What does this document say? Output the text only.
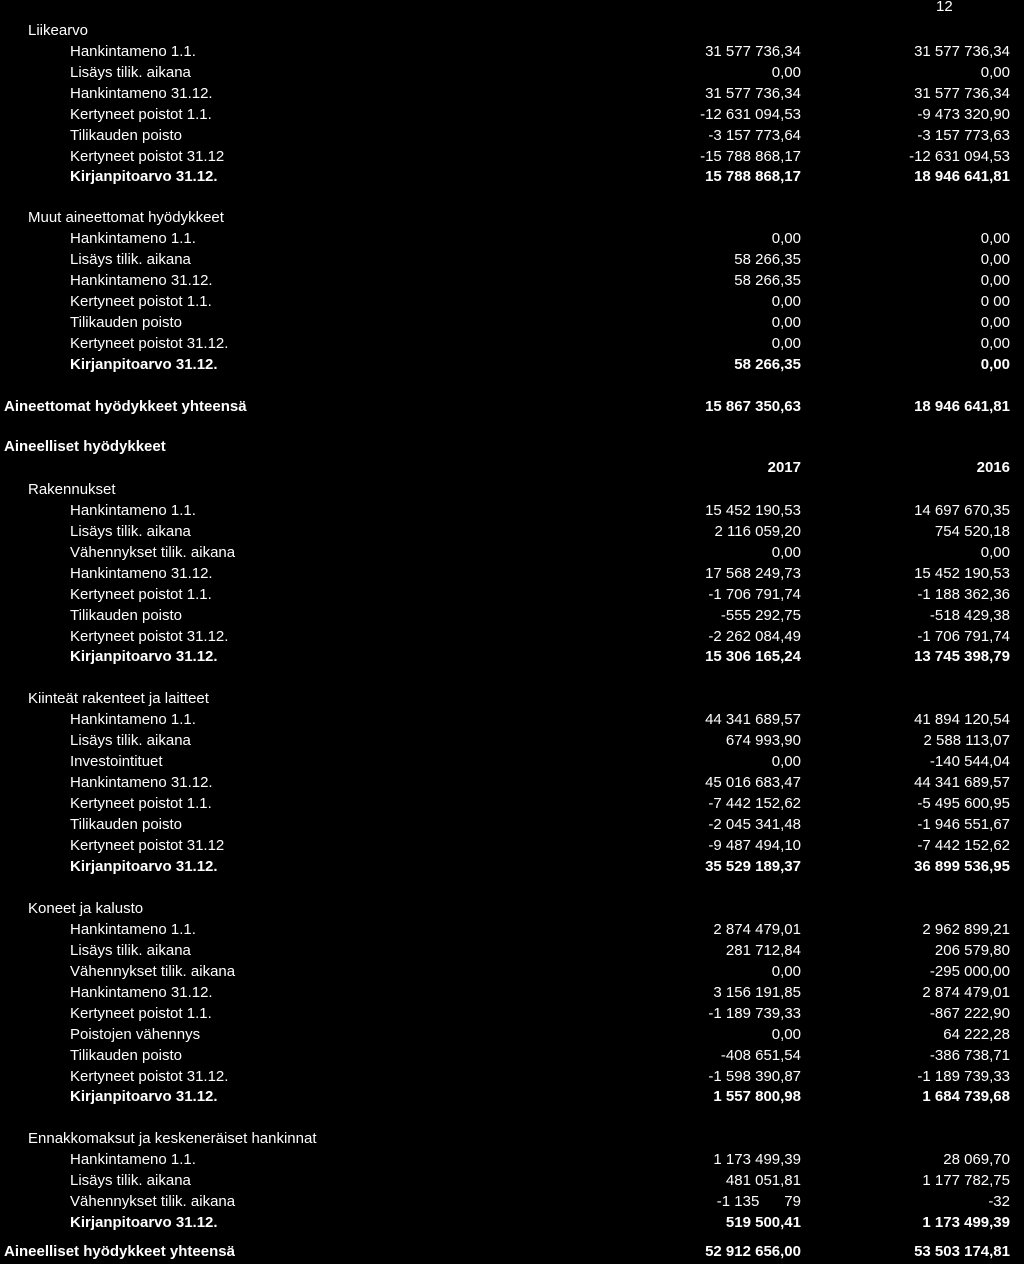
12
Liikearvo
Hankintameno 1.1.	31 577 736,34	31 577 736,34
Lisäys tilik. aikana	0,00	0,00
Hankintameno 31.12.	31 577 736,34	31 577 736,34
Kertyneet poistot 1.1.	-12 631 094,53	-9 473 320,90
Tilikauden poisto	-3 157 773,64	-3 157 773,63
Kertyneet poistot 31.12	-15 788 868,17	-12 631 094,53
Kirjanpitoarvo 31.12.	15 788 868,17	18 946 641,81
Muut aineettomat hyödykkeet
Hankintameno 1.1.	0,00	0,00
Lisäys tilik. aikana	58 266,35	0,00
Hankintameno 31.12.	58 266,35	0,00
Kertyneet poistot 1.1.	0,00	0 00
Tilikauden poisto	0,00	0,00
Kertyneet poistot 31.12.	0,00	0,00
Kirjanpitoarvo 31.12.	58 266,35	0,00
Aineettomat hyödykkeet yhteensä	15 867 350,63	18 946 641,81
Aineelliset hyödykkeet
2017	2016
Rakennukset
Hankintameno 1.1.	15 452 190,53	14 697 670,35
Lisäys tilik. aikana	2 116 059,20	754 520,18
Vähennykset tilik. aikana	0,00	0,00
Hankintameno 31.12.	17 568 249,73	15 452 190,53
Kertyneet poistot 1.1.	-1 706 791,74	-1 188 362,36
Tilikauden poisto	-555 292,75	-518 429,38
Kertyneet poistot 31.12.	-2 262 084,49	-1 706 791,74
Kirjanpitoarvo 31.12.	15 306 165,24	13 745 398,79
Kiinteät rakenteet ja laitteet
Hankintameno 1.1.	44 341 689,57	41 894 120,54
Lisäys tilik. aikana	674 993,90	2 588 113,07
Investointituet	0,00	-140 544,04
Hankintameno 31.12.	45 016 683,47	44 341 689,57
Kertyneet poistot 1.1.	-7 442 152,62	-5 495 600,95
Tilikauden poisto	-2 045 341,48	-1 946 551,67
Kertyneet poistot 31.12	-9 487 494,10	-7 442 152,62
Kirjanpitoarvo 31.12.	35 529 189,37	36 899 536,95
Koneet ja kalusto
Hankintameno 1.1.	2 874 479,01	2 962 899,21
Lisäys tilik. aikana	281 712,84	206 579,80
Vähennykset tilik. aikana	0,00	-295 000,00
Hankintameno 31.12.	3 156 191,85	2 874 479,01
Kertyneet poistot 1.1.	-1 189 739,33	-867 222,90
Poistojen vähennys	0,00	64 222,28
Tilikauden poisto	-408 651,54	-386 738,71
Kertyneet poistot 31.12.	-1 598 390,87	-1 189 739,33
Kirjanpitoarvo 31.12.	1 557 800,98	1 684 739,68
Ennakkomaksut ja keskeneräiset hankinnat
Hankintameno 1.1.	1 173 499,39	28 069,70
Lisäys tilik. aikana	481 051,81	1 177 782,75
Vähennykset tilik. aikana	-1 135      79	-32
Kirjanpitoarvo 31.12.	519 500,41	1 173 499,39
Aineelliset hyödykkeet yhteensä	52 912 656,00	53 503 174,81
